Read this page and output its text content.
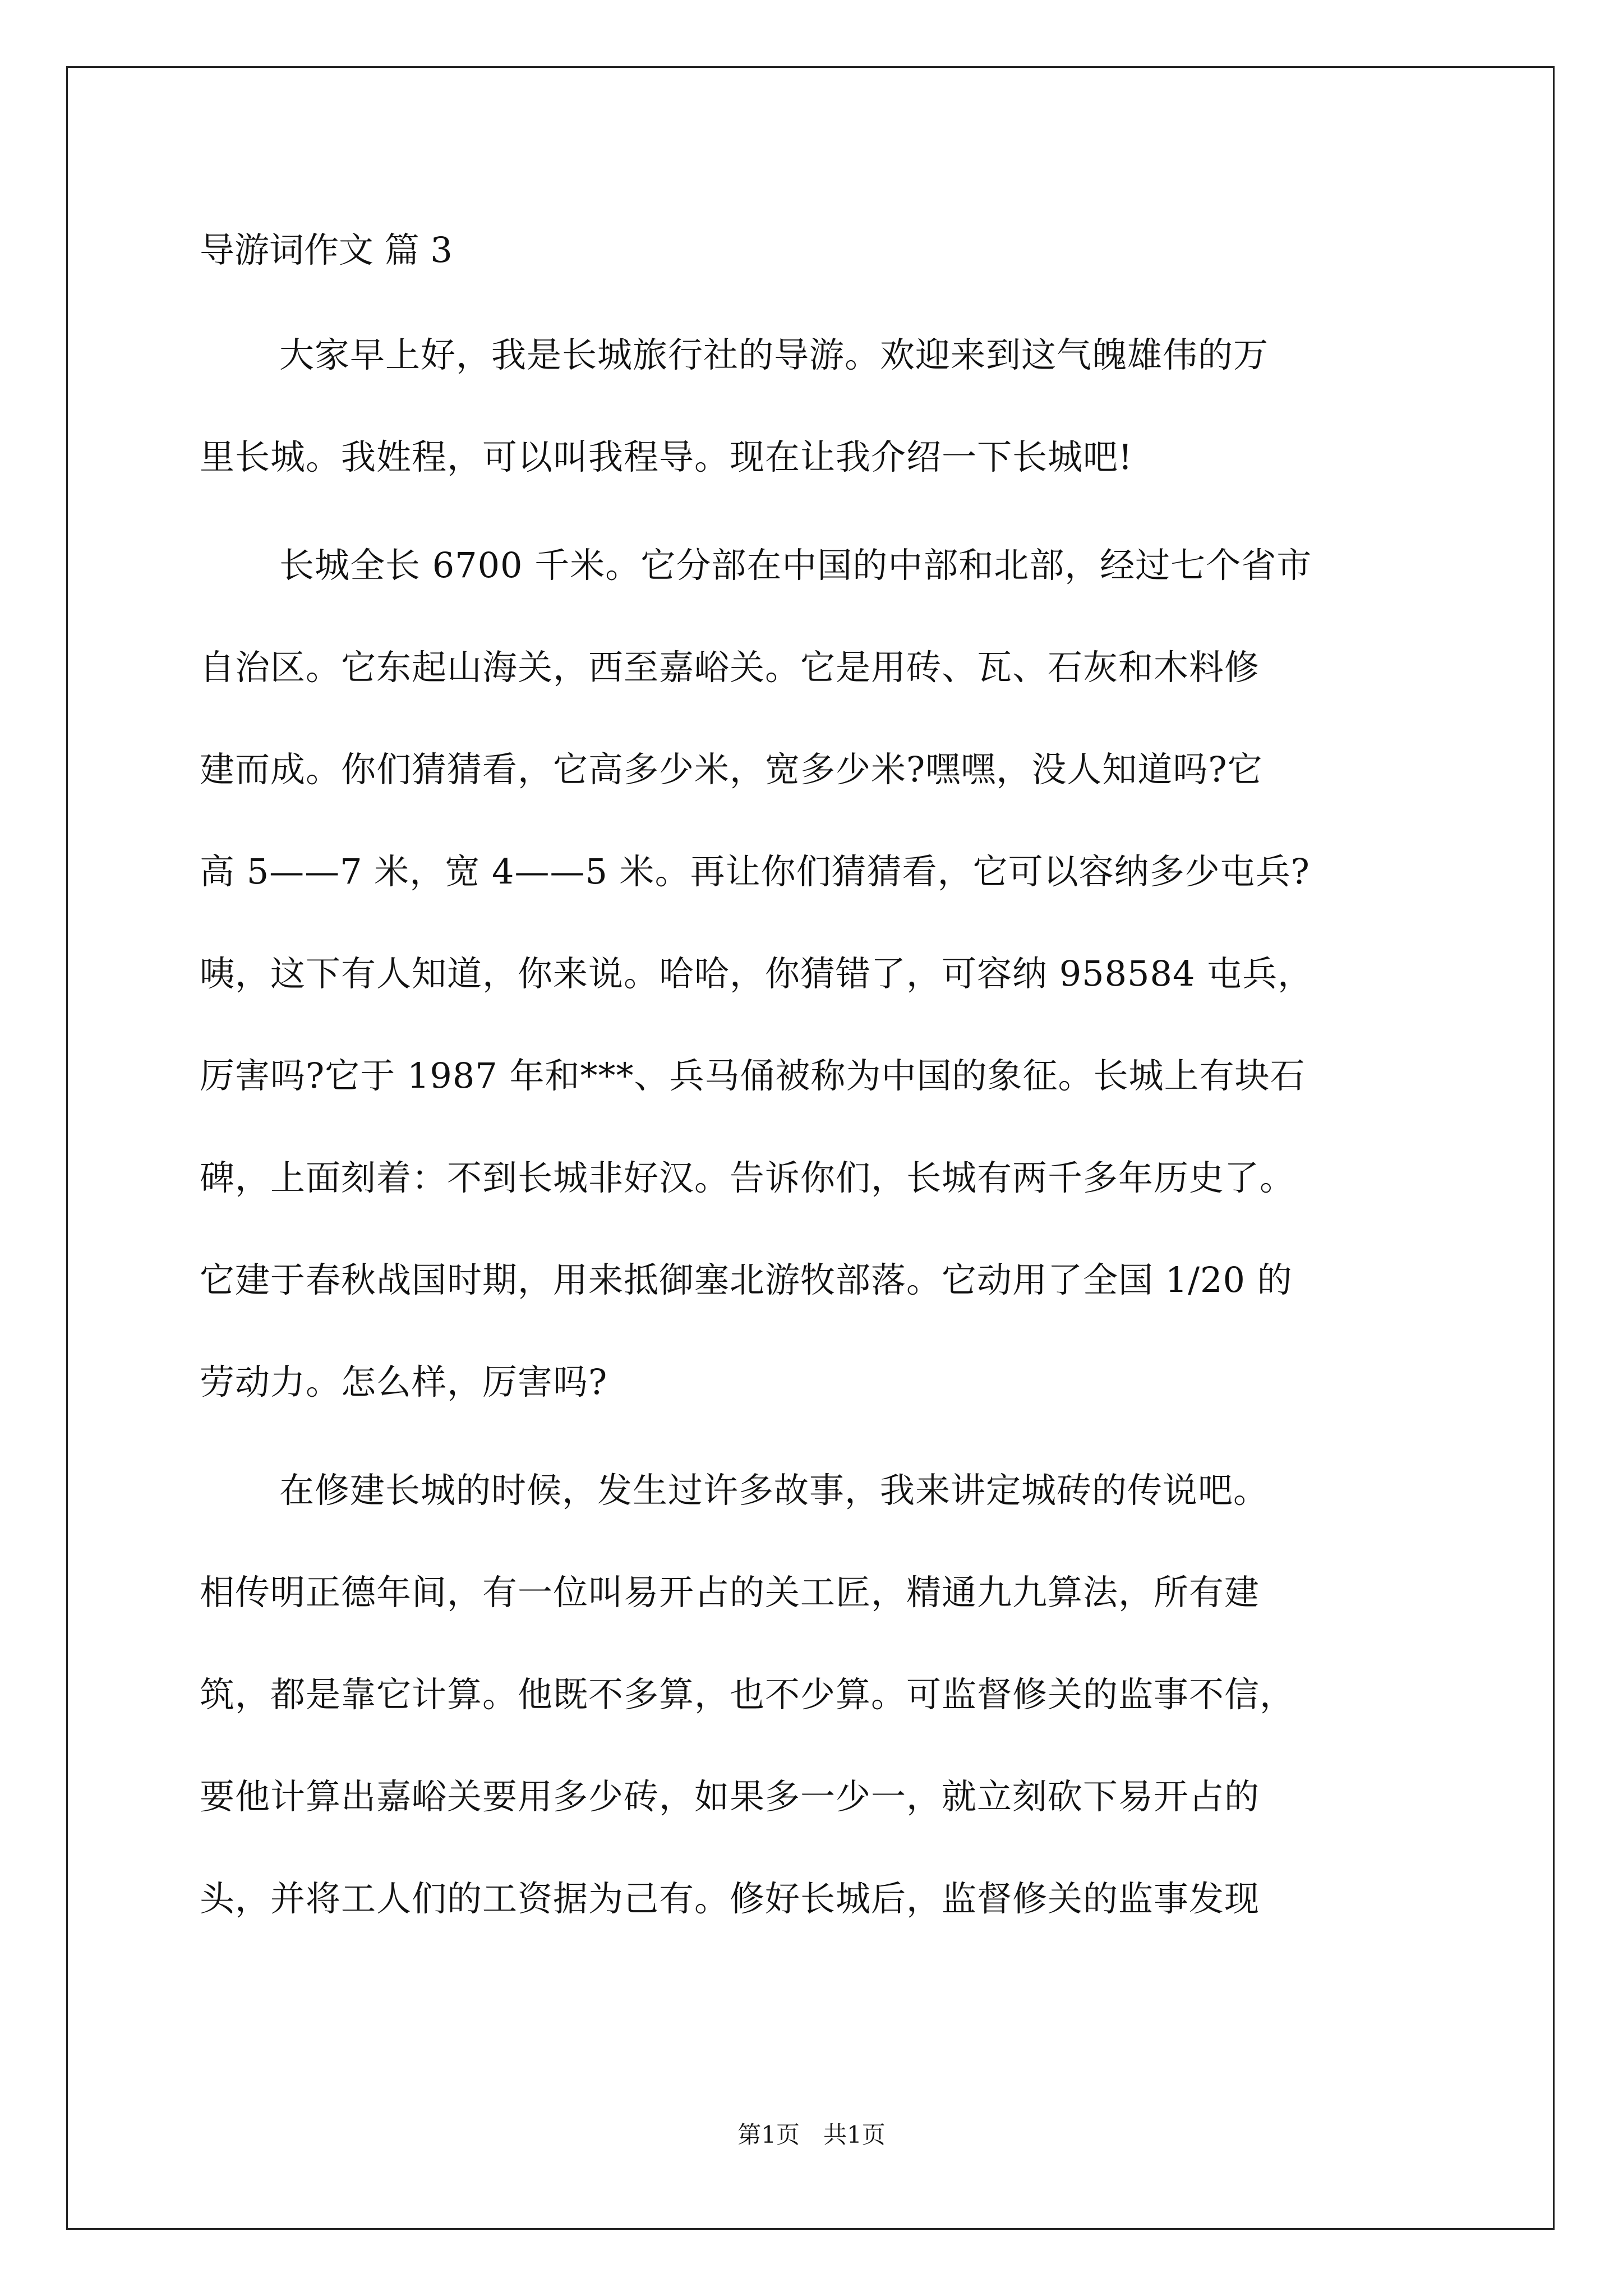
导游词作文 篇 3
大家早上好，我是长城旅行社的导游。欢迎来到这气魄雄伟的万
里长城。我姓程，可以叫我程导。现在让我介绍一下长城吧!
长城全长 6700 千米。它分部在中国的中部和北部，经过七个省市
自治区。它东起山海关，西至嘉峪关。它是用砖、瓦、石灰和木料修
建而成。你们猜猜看，它高多少米，宽多少米?嘿嘿，没人知道吗?它
高 5——7 米，宽 4——5 米。再让你们猜猜看，它可以容纳多少屯兵?
咦，这下有人知道，你来说。哈哈，你猜错了，可容纳 958584 屯兵，
厉害吗?它于 1987 年和***、兵马俑被称为中国的象征。长城上有块石
碑，上面刻着：不到长城非好汉。告诉你们，长城有两千多年历史了。
它建于春秋战国时期，用来抵御塞北游牧部落。它动用了全国 1/20 的
劳动力。怎么样，厉害吗?
在修建长城的时候，发生过许多故事，我来讲定城砖的传说吧。
相传明正德年间，有一位叫易开占的关工匠，精通九九算法，所有建
筑，都是靠它计算。他既不多算，也不少算。可监督修关的监事不信，
要他计算出嘉峪关要用多少砖，如果多一少一，就立刻砍下易开占的
头，并将工人们的工资据为己有。修好长城后，监督修关的监事发现
第1页　共1页
